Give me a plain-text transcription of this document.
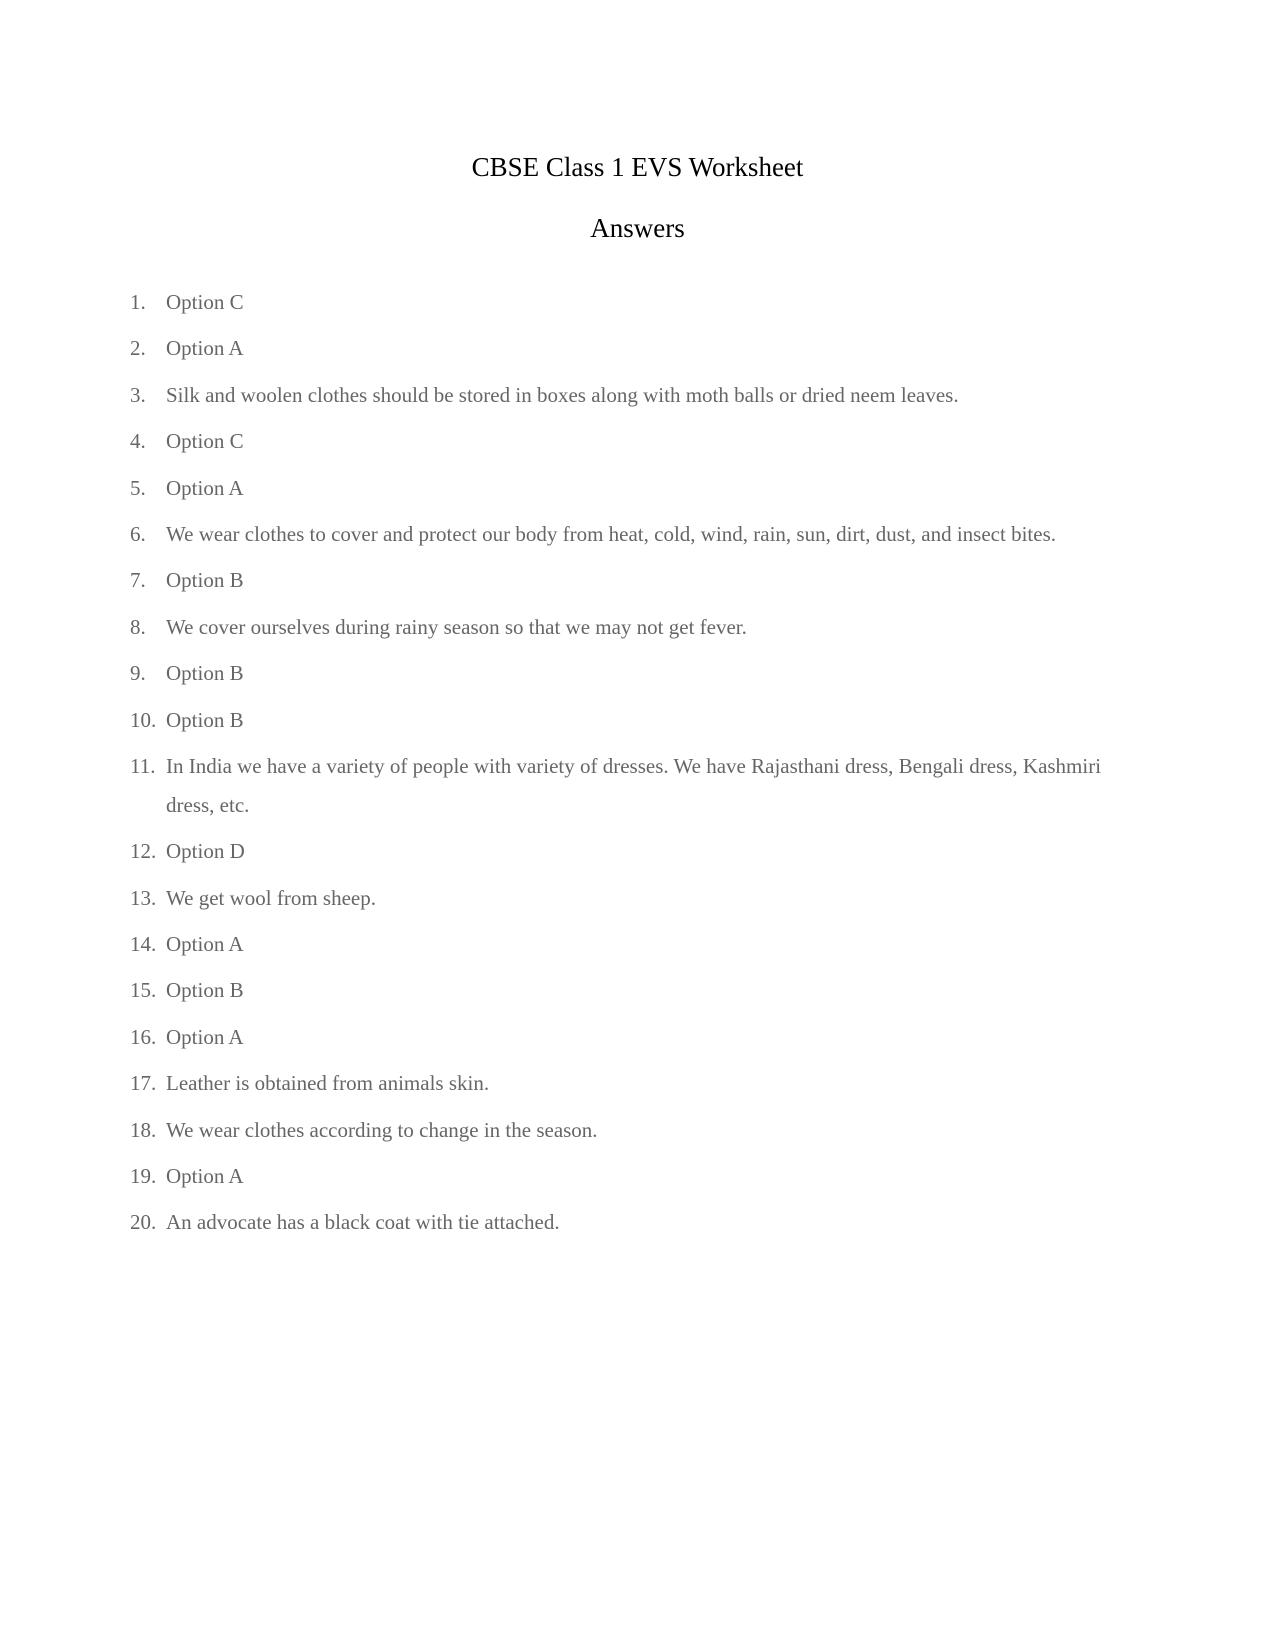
CBSE Class 1 EVS Worksheet
Answers
1. Option C
2. Option A
3. Silk and woolen clothes should be stored in boxes along with moth balls or dried neem leaves.
4. Option C
5. Option A
6. We wear clothes to cover and protect our body from heat, cold, wind, rain, sun, dirt, dust, and insect bites.
7. Option B
8. We cover ourselves during rainy season so that we may not get fever.
9. Option B
10. Option B
11. In India we have a variety of people with variety of dresses. We have Rajasthani dress, Bengali dress, Kashmiri dress, etc.
12. Option D
13. We get wool from sheep.
14. Option A
15. Option B
16. Option A
17. Leather is obtained from animals skin.
18. We wear clothes according to change in the season.
19. Option A
20. An advocate has a black coat with tie attached.
